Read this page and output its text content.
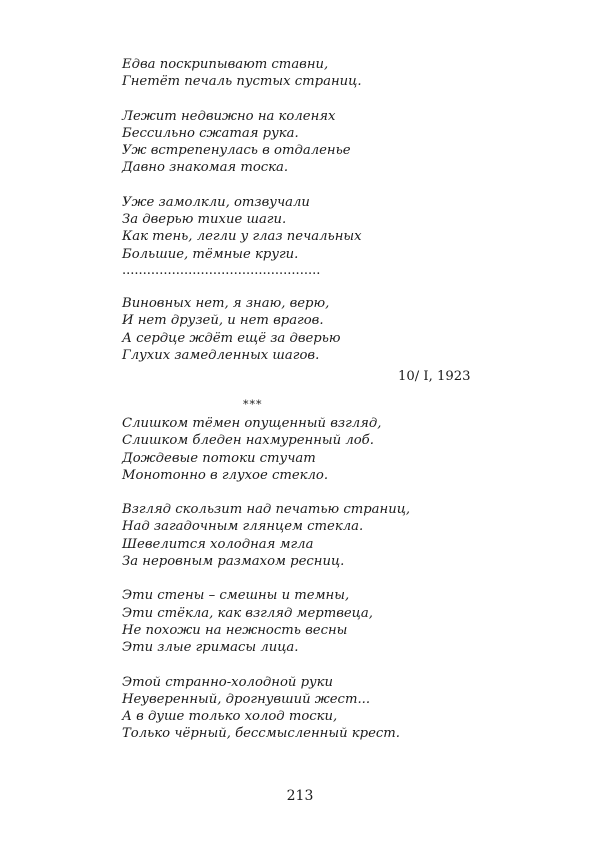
Едва поскрипывают ставни,
Гнетёт печаль пустых страниц.
Лежит недвижно на коленях
Бессильно сжатая рука.
Уж встрепенулась в отдаленье
Давно знакомая тоска.
Уже замолкли, отзвучали
За дверью тихие шаги.
Как тень, легли у глаз печальных
Большие, тёмные круги.
................................................
Виновных нет, я знаю, верю,
И нет друзей, и нет врагов.
А сердце ждёт ещё за дверью
Глухих замедленных шагов.
10/ I, 1923
***
Слишком тёмен опущенный взгляд,
Слишком бледен нахмуренный лоб.
Дождевые потоки стучат
Монотонно в глухое стекло.
Взгляд скользит над печатью страниц,
Над загадочным глянцем стекла.
Шевелится холодная мгла
За неровным размахом ресниц.
Эти стены – смешны и темны,
Эти стёкла, как взгляд мертвеца,
Не похожи на нежность весны
Эти злые гримасы лица.
Этой странно-холодной руки
Неуверенный, дрогнувший жест...
А в душе только холод тоски,
Только чёрный, бессмысленный крест.
213
